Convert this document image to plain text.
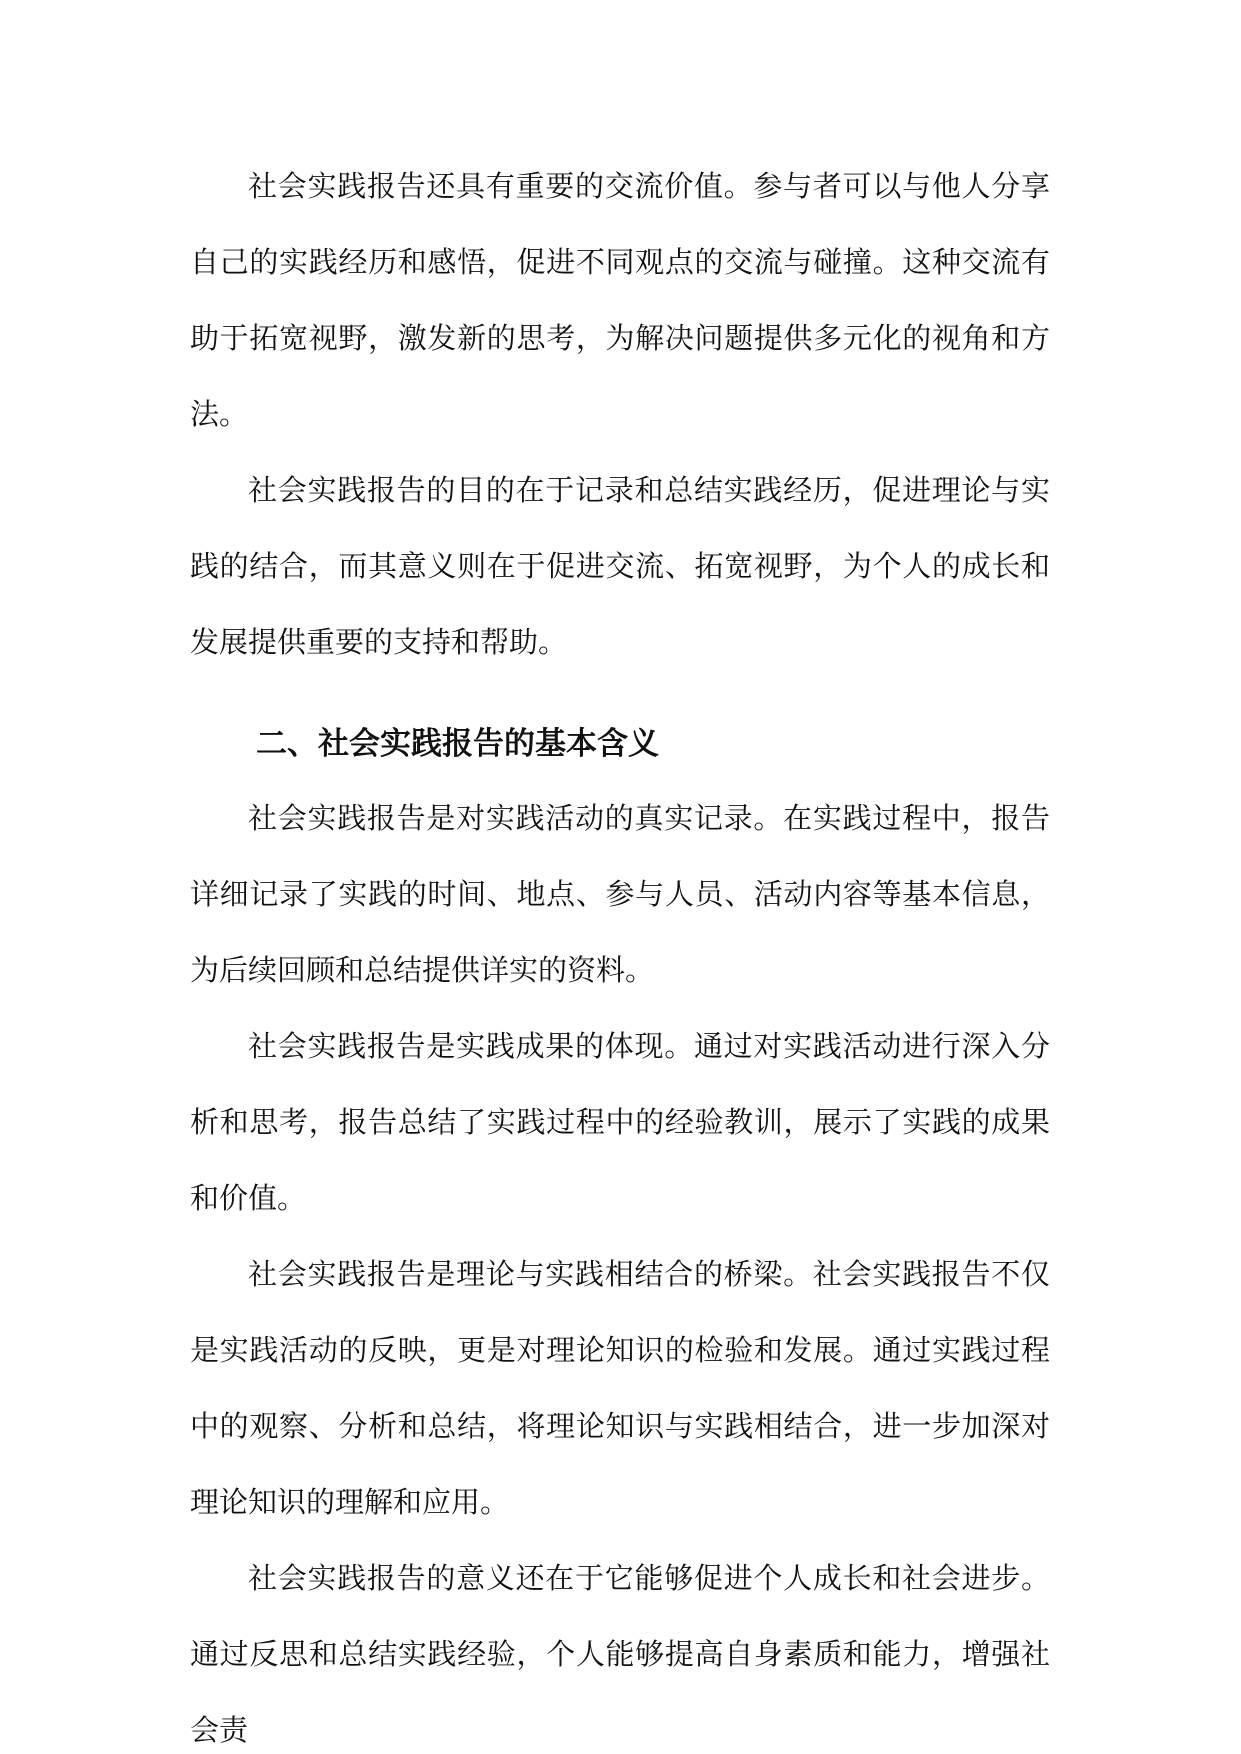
社会实践报告还具有重要的交流价值。参与者可以与他人分享自己的实践经历和感悟，促进不同观点的交流与碰撞。这种交流有助于拓宽视野，激发新的思考，为解决问题提供多元化的视角和方法。

社会实践报告的目的在于记录和总结实践经历，促进理论与实践的结合，而其意义则在于促进交流、拓宽视野，为个人的成长和发展提供重要的支持和帮助。

二、社会实践报告的基本含义

社会实践报告是对实践活动的真实记录。在实践过程中，报告详细记录了实践的时间、地点、参与人员、活动内容等基本信息，为后续回顾和总结提供详实的资料。

社会实践报告是实践成果的体现。通过对实践活动进行深入分析和思考，报告总结了实践过程中的经验教训，展示了实践的成果和价值。

社会实践报告是理论与实践相结合的桥梁。社会实践报告不仅是实践活动的反映，更是对理论知识的检验和发展。通过实践过程中的观察、分析和总结，将理论知识与实践相结合，进一步加深对理论知识的理解和应用。

社会实践报告的意义还在于它能够促进个人成长和社会进步。通过反思和总结实践经验，个人能够提高自身素质和能力，增强社会责
